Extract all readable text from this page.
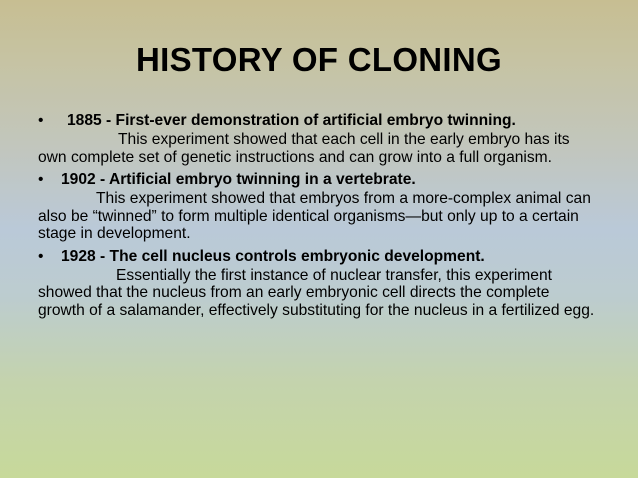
HISTORY OF CLONING
• 1885 - First-ever demonstration of artificial embryo twinning.
This experiment showed that each cell in the early embryo has its own complete set of genetic instructions and can grow into a full organism.
• 1902 - Artificial embryo twinning in a vertebrate.
This experiment showed that embryos from a more-complex animal can also be “twinned” to form multiple identical organisms—but only up to a certain stage in development.
• 1928 - The cell nucleus controls embryonic development.
Essentially the first instance of nuclear transfer, this experiment showed that the nucleus from an early embryonic cell directs the complete growth of a salamander, effectively substituting for the nucleus in a fertilized egg.
